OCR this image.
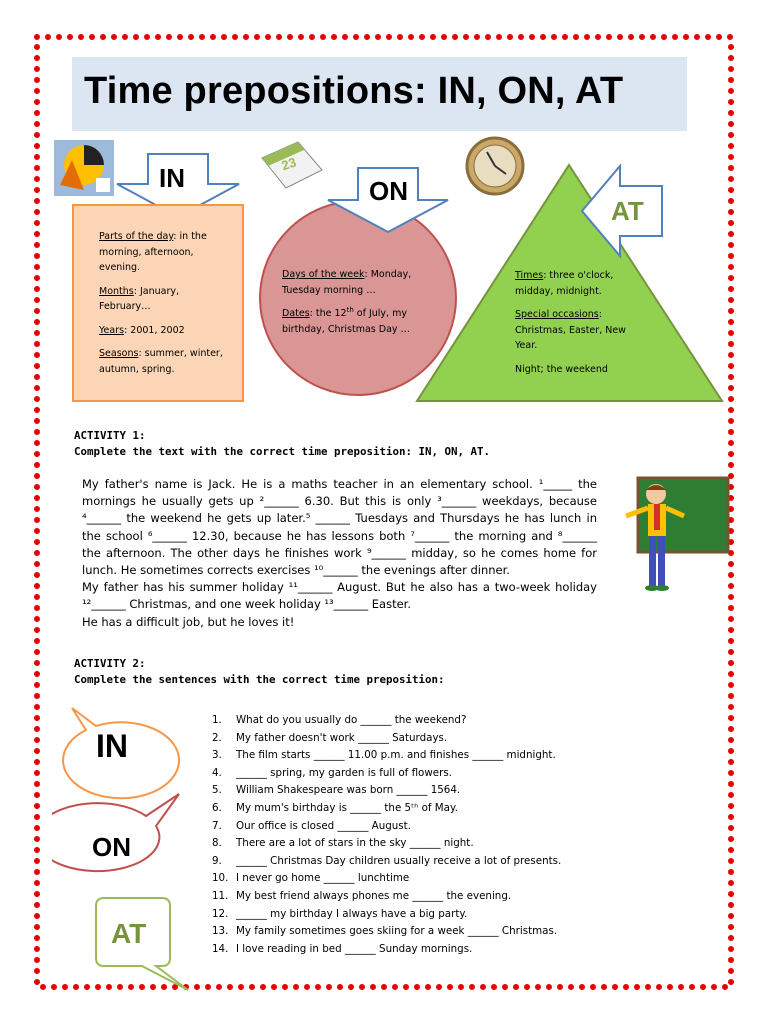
Time prepositions: IN, ON, AT
23
IN	ON
AT

Parts of the day: in the morning, afternoon, evening.

Months: January, February…

Years: 2001, 2002

Seasons: summer, winter, autumn, spring.

Days of the week: Monday, Tuesday morning …

Dates: the 12th of July, my birthday, Christmas Day …

Times: three o'clock, midday, midnight.

Special occasions: Christmas, Easter, New Year.

Night; the weekend

ACTIVITY 1:

Complete the text with the correct time preposition: IN, ON, AT.

My father's name is Jack. He is a maths teacher in an elementary school. ¹_____ the mornings he usually gets up ²______ 6.30. But this is only ³______ weekdays, because ⁴______ the weekend he gets up later.⁵ ______ Tuesdays and Thursdays he has lunch in the school ⁶______ 12.30, because he has lessons both ⁷______ the morning and ⁸______ the afternoon. The other days he finishes work ⁹______ midday, so he comes home for lunch. He sometimes corrects exercises ¹⁰______ the evenings after dinner.
My father has his summer holiday ¹¹______ August. But he also has a two-week holiday ¹²______ Christmas, and one week holiday ¹³______ Easter.
He has a difficult job, but he loves it!

ACTIVITY 2:

Complete the sentences with the correct time preposition:

IN
ON
AT
1.	What do you usually do ______ the weekend?
2.	My father doesn't work ______ Saturdays.
3.	The film starts ______ 11.00 p.m. and finishes ______ midnight.
4.	______ spring, my garden is full of flowers.
5.	William Shakespeare was born ______ 1564.
6.	My mum's birthday is ______ the 5ᵗʰ of May.
7.	Our office is closed ______ August.
8.	There are a lot of stars in the sky ______ night.
9.	______ Christmas Day children usually receive a lot of presents.
10. I never go home ______ lunchtime
11. My best friend always phones me ______ the evening.
12. ______ my birthday I always have a big party.
13. My family sometimes goes skiing for a week ______ Christmas.
14. I love reading in bed ______ Sunday mornings.
